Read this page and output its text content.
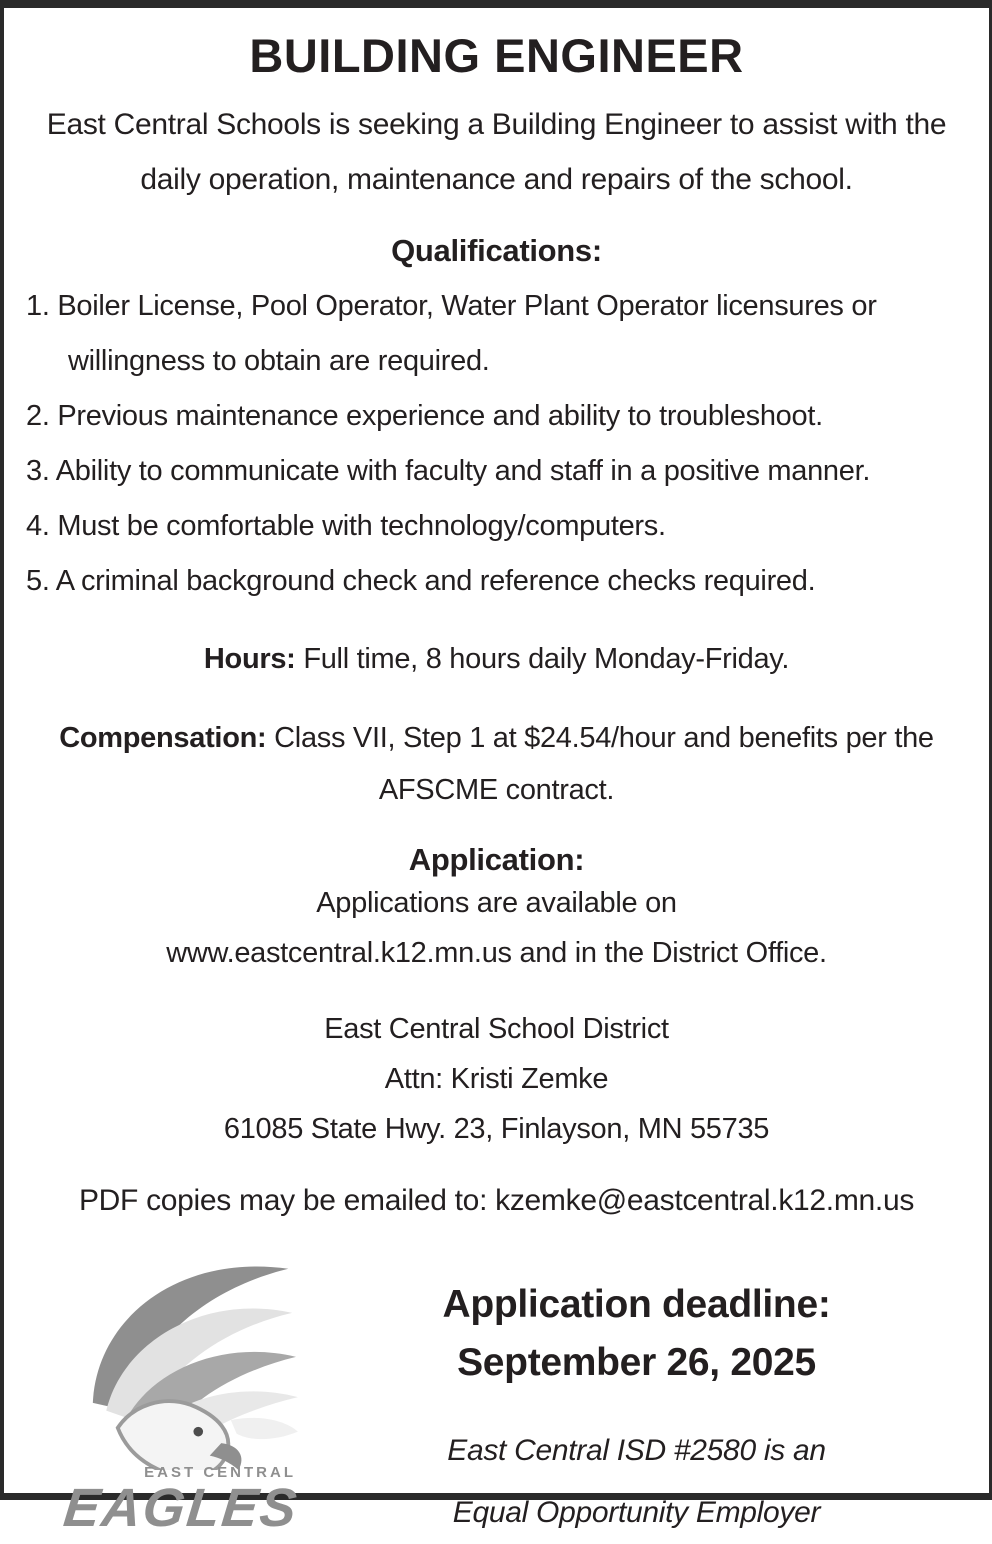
BUILDING ENGINEER
East Central Schools is seeking a Building Engineer to assist with the daily operation, maintenance and repairs of the school.
Qualifications:
1. Boiler License, Pool Operator, Water Plant Operator licensures or willingness to obtain are required.
2. Previous maintenance experience and ability to troubleshoot.
3. Ability to communicate with faculty and staff in a positive manner.
4. Must be comfortable with technology/computers.
5. A criminal background check and reference checks required.
Hours: Full time, 8 hours daily Monday-Friday.
Compensation: Class VII, Step 1 at $24.54/hour and benefits per the
AFSCME contract.
Application:
Applications are available on
www.eastcentral.k12.mn.us and in the District Office.
East Central School District
Attn: Kristi Zemke
61085 State Hwy. 23, Finlayson, MN 55735
PDF copies may be emailed to: kzemke@eastcentral.k12.mn.us
EAST CENTRAL
EAGLES
Application deadline:
September 26, 2025
East Central ISD #2580 is an
Equal Opportunity Employer
